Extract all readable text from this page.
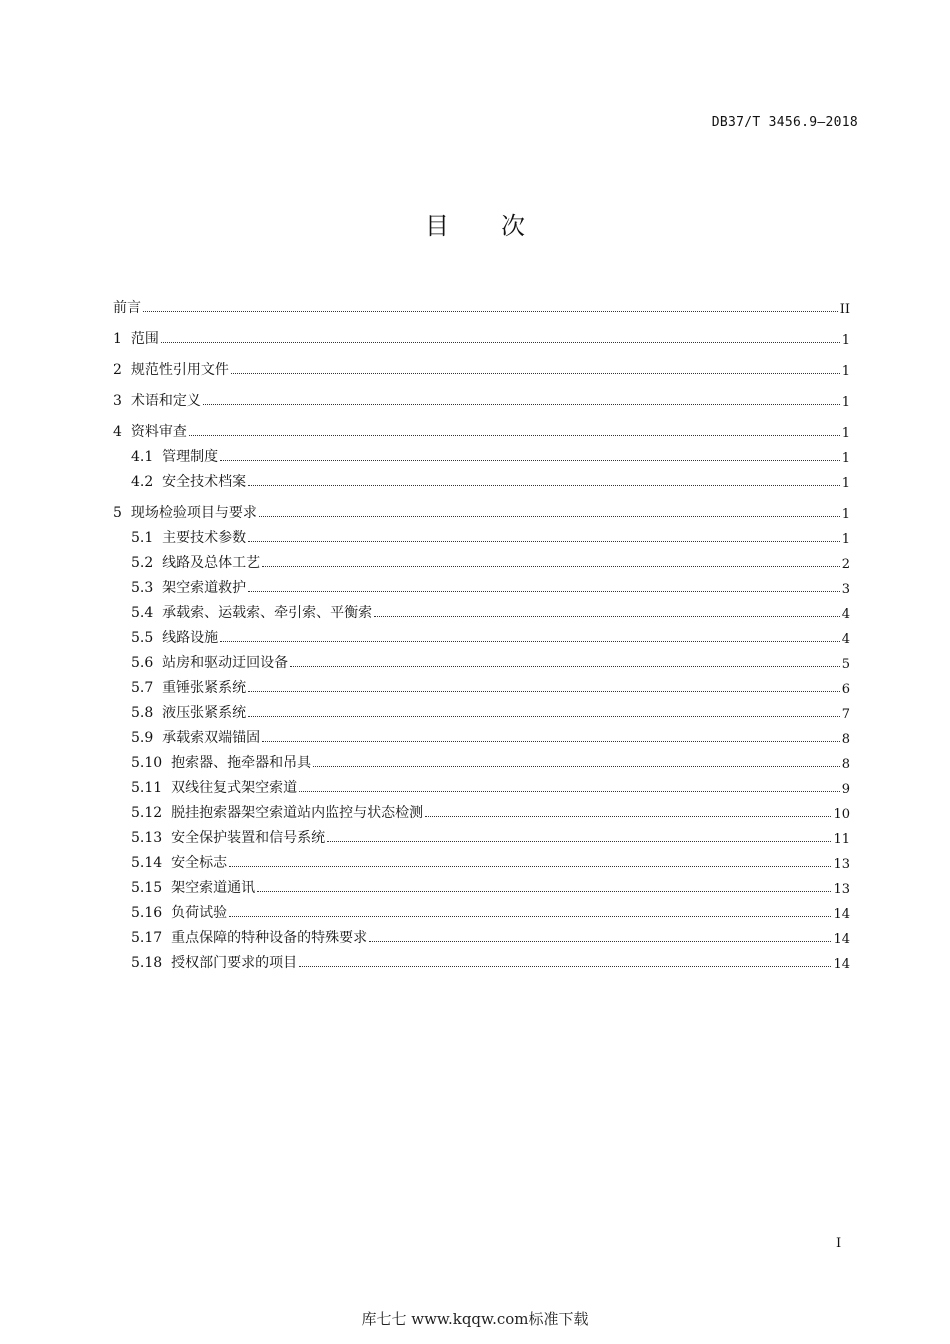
DB37/T 3456.9—2018
目 次
前言	II
1 范围	1
2 规范性引用文件	1
3 术语和定义	1
4 资料审查	1
4.1 管理制度	1
4.2 安全技术档案	1
5 现场检验项目与要求	1
5.1 主要技术参数	1
5.2 线路及总体工艺	2
5.3 架空索道救护	3
5.4 承载索、运载索、牵引索、平衡索	4
5.5 线路设施	4
5.6 站房和驱动迂回设备	5
5.7 重锤张紧系统	6
5.8 液压张紧系统	7
5.9 承载索双端锚固	8
5.10 抱索器、拖牵器和吊具	8
5.11 双线往复式架空索道	9
5.12 脱挂抱索器架空索道站内监控与状态检测	10
5.13 安全保护装置和信号系统	11
5.14 安全标志	13
5.15 架空索道通讯	13
5.16 负荷试验	14
5.17 重点保障的特种设备的特殊要求	14
5.18 授权部门要求的项目	14
I
库七七 www.kqqw.com标准下载
